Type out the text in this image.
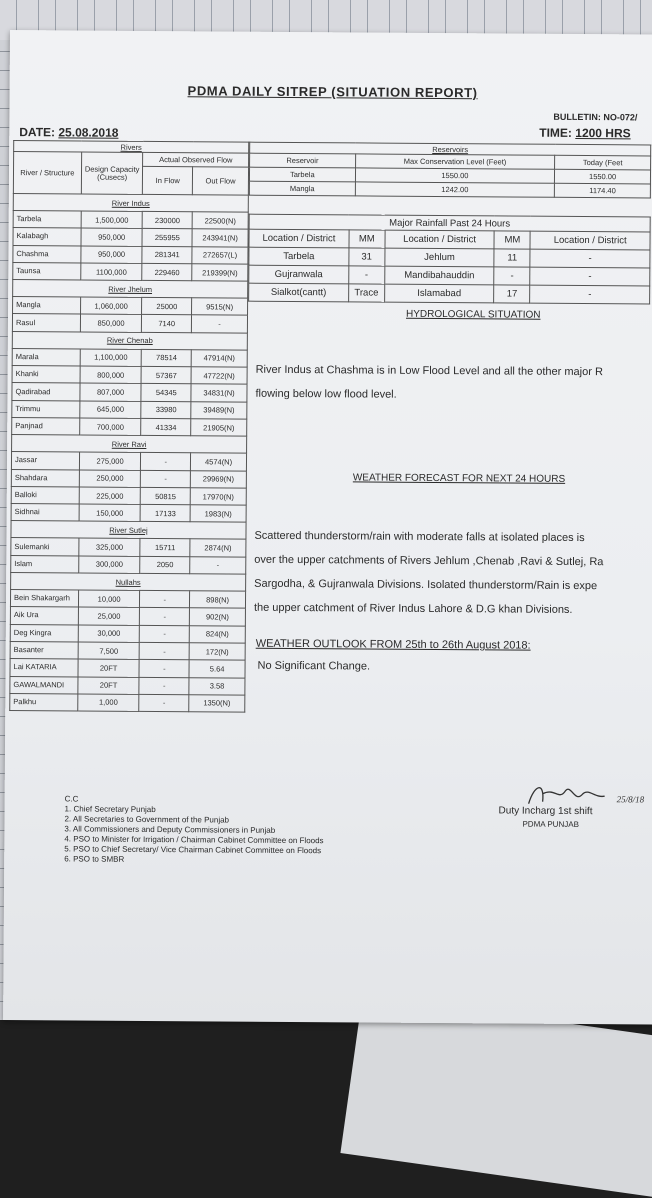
PDMA DAILY SITREP (SITUATION REPORT)
BULLETIN: NO-072/
DATE: 25.08.2018	TIME: 1200 HRS
Rivers			
River / Structure	Design Capacity (Cusecs)	Actual Observed Flow	
		In Flow	Out Flow
River Indus			
Tarbela	1,500,000	230000	22500(N)
Kalabagh	950,000	255955	243941(N)
Chashma	950,000	281341	272657(L)
Taunsa	1100,000	229460	219399(N)
River Jhelum			
Mangla	1,060,000	25000	9515(N)
Rasul	850,000	7140	-
River Chenab			
Marala	1,100,000	78514	47914(N)
Khanki	800,000	57367	47722(N)
Qadirabad	807,000	54345	34831(N)
Trimmu	645,000	33980	39489(N)
Panjnad	700,000	41334	21905(N)
River Ravi			
Jassar	275,000	-	4574(N)
Shahdara	250,000	-	29969(N)
Balloki	225,000	50815	17970(N)
Sidhnai	150,000	17133	1983(N)
River Sutlej			
Sulemanki	325,000	15711	2874(N)
Islam	300,000	2050	-
Nullahs			
Bein Shakargarh	10,000	-	898(N)
Aik Ura	25,000	-	902(N)
Deg Kingra	30,000	-	824(N)
Basanter	7,500	-	172(N)
Lai KATARIA	20FT	-	5.64
GAWALMANDI	20FT	-	3.58
Palkhu	1,000	-	1350(N)
Reservoirs		
Reservoir	Max Conservation Level (Feet)	Today (Feet
Tarbela	1550.00	1550.00
Mangla	1242.00	1174.40
Major Rainfall Past 24 Hours				
Location / District	MM	Location / District	MM	Location / District
Tarbela	31	Jehlum	11	-
Gujranwala	-	Mandibahauddin	-	-
Sialkot(cantt)	Trace	Islamabad	17	-
HYDROLOGICAL SITUATION
River Indus at Chashma is in Low Flood Level and all the other major R
flowing below low flood level.
WEATHER FORECAST FOR NEXT 24 HOURS
Scattered thunderstorm/rain with moderate falls at isolated places is
over the upper catchments of Rivers Jehlum ,Chenab ,Ravi & Sutlej, Ra
Sargodha, & Gujranwala Divisions. Isolated thunderstorm/Rain is expe
the upper catchment of River Indus Lahore & D.G khan Divisions.
WEATHER OUTLOOK FROM 25th to 26th August 2018:
No Significant Change.
C.C
1. Chief Secretary Punjab
2. All Secretaries to Government of the Punjab
3. All Commissioners and Deputy Commissioners in Punjab
4. PSO to Minister for Irrigation / Chairman Cabinet Committee on Floods
5. PSO to Chief Secretary/ Vice Chairman Cabinet Committee on Floods
6. PSO to SMBR
25/8/18
Duty Incharg 1st shift
PDMA PUNJAB
